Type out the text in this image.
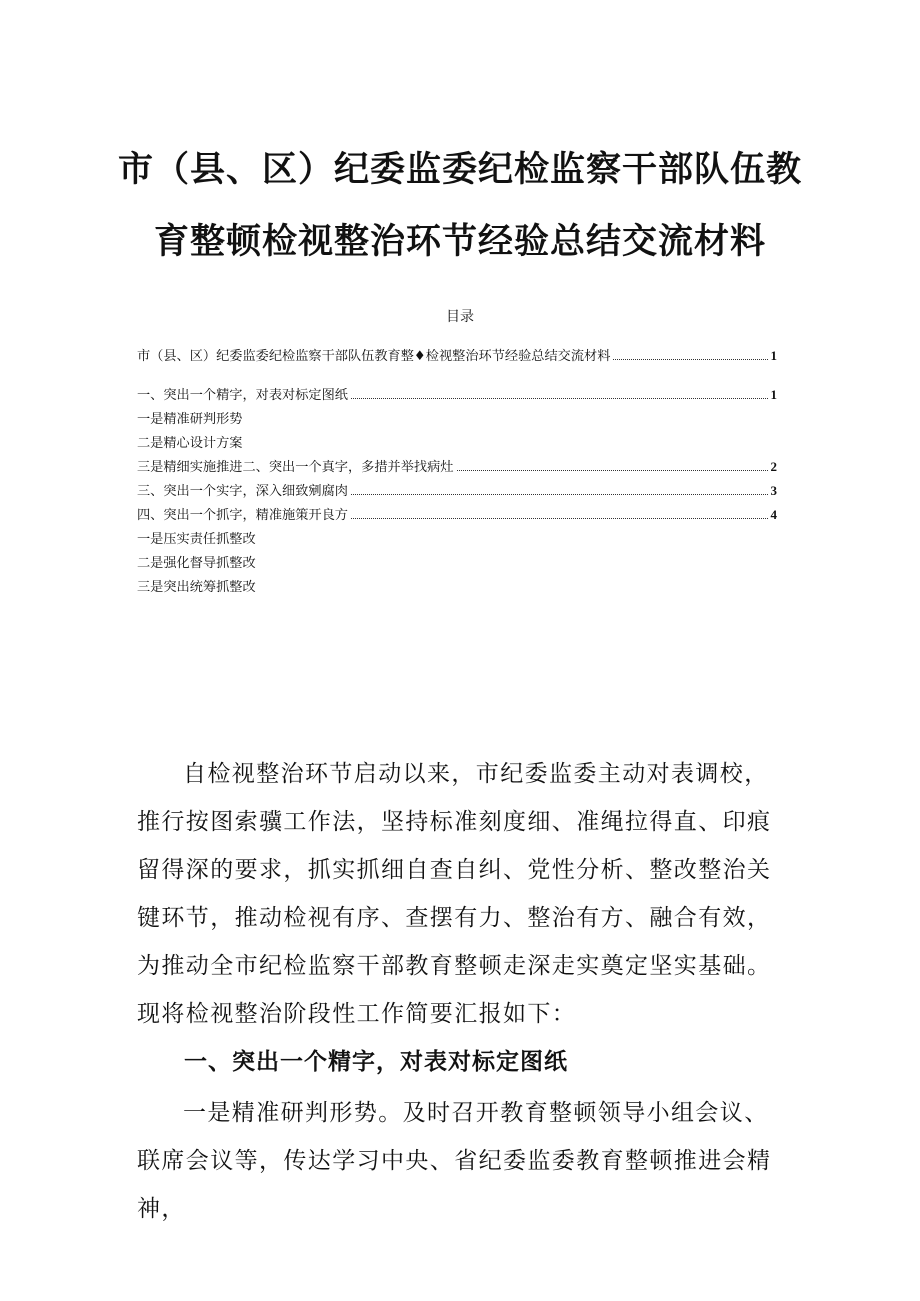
市（县、区）纪委监委纪检监察干部队伍教
育整顿检视整治环节经验总结交流材料
目录
市（县、区）纪委监委纪检监察干部队伍教育整♦检视整治环节经验总结交流材料	1
一、突出一个精字，对表对标定图纸	1
一是精准研判形势
二是精心设计方案
三是精细实施推进二、突出一个真字，多措并举找病灶	2
三、突出一个实字，深入细致剜腐肉	3
四、突出一个抓字，精准施策开良方	4
一是压实责任抓整改
二是强化督导抓整改
三是突出统筹抓整改

自检视整治环节启动以来，市纪委监委主动对表调校，推行按图索骥工作法，坚持标准刻度细、准绳拉得直、印痕留得深的要求，抓实抓细自查自纠、党性分析、整改整治关键环节，推动检视有序、查摆有力、整治有方、融合有效，为推动全市纪检监察干部教育整顿走深走实奠定坚实基础。现将检视整治阶段性工作简要汇报如下：

一、突出一个精字，对表对标定图纸

一是精准研判形势。及时召开教育整顿领导小组会议、联席会议等，传达学习中央、省纪委监委教育整顿推进会精神，
